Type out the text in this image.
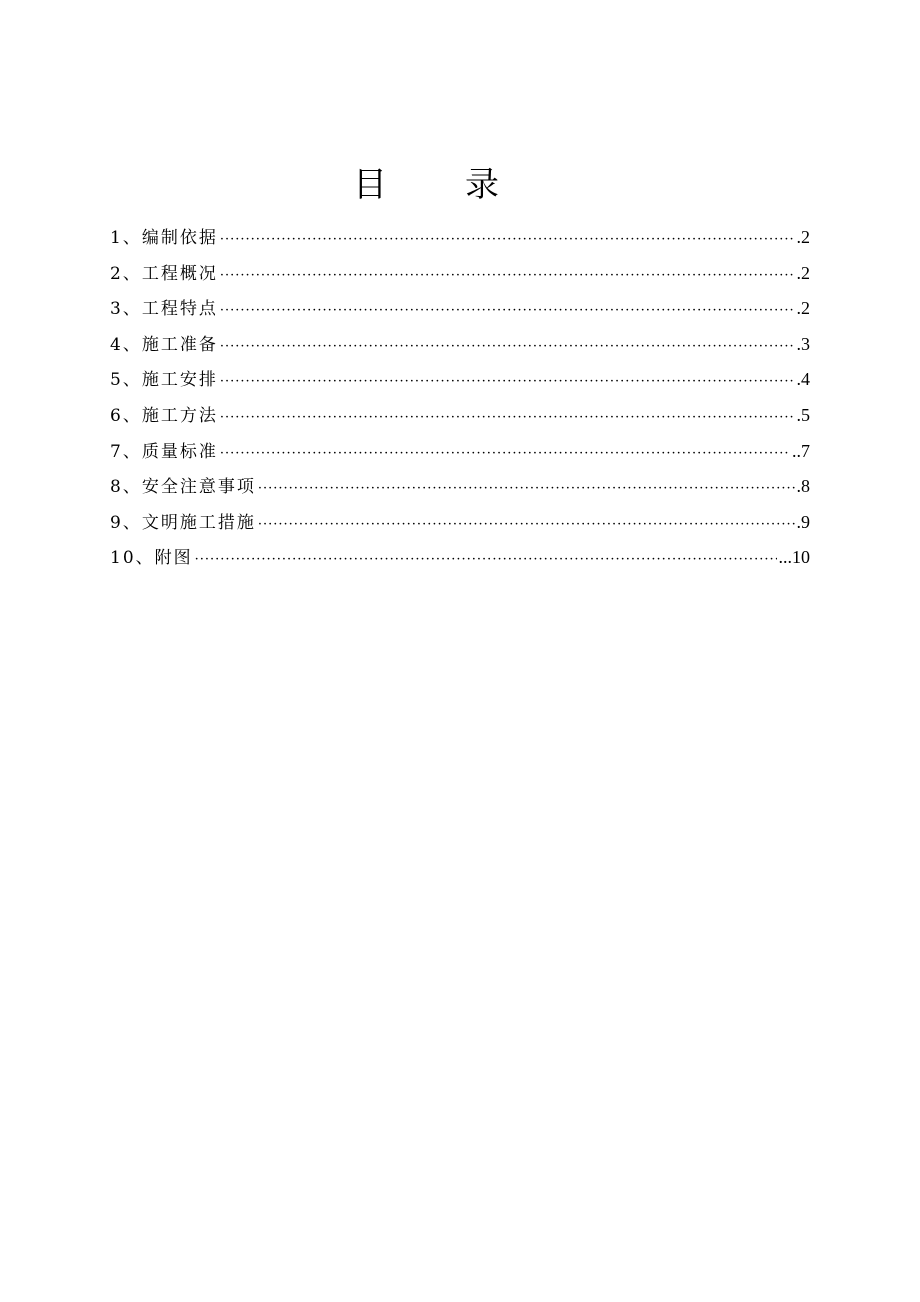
目录
1、编制依据 ·····	.2
2、工程概况 ·····	.2
3、工程特点 ·····	.2
4、施工准备 ·····	.3
5、施工安排 ·····	.4
6、施工方法 ·····	.5
7、质量标准 ·····	..7
8、安全注意事项 ·····	.8
9、文明施工措施 ·····	.9
10、附图 ·····	...10
